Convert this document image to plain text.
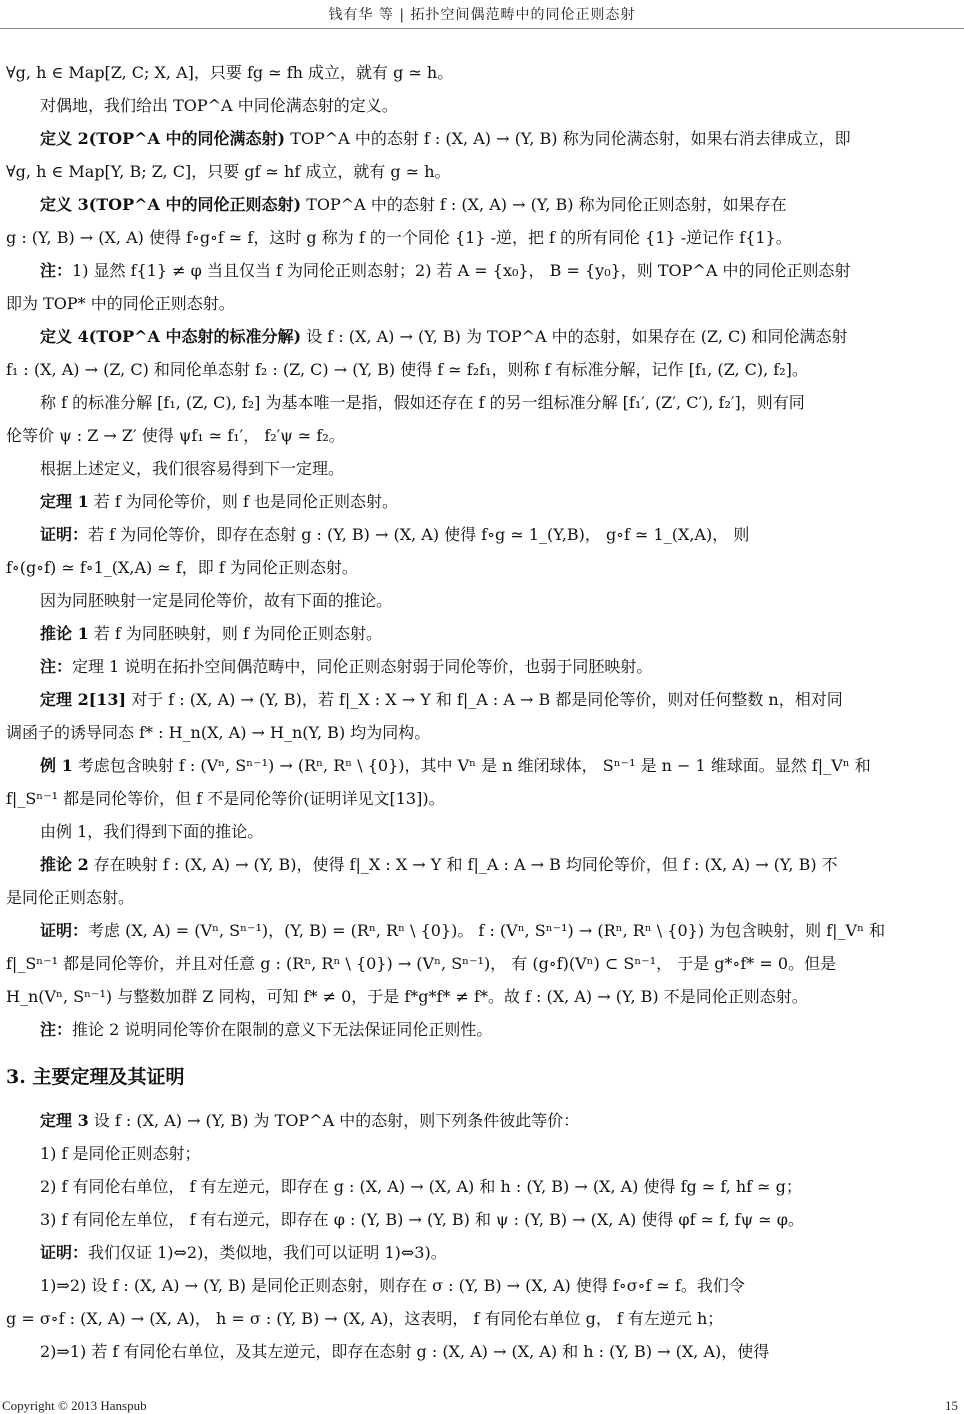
钱有华 等 | 拓扑空间偶范畴中的同伦正则态射

∀g, h ∈ Map[Z, C; X, A]，只要 fg ≃ fh 成立，就有 g ≃ h。

对偶地，我们给出 TOP^A 中同伦满态射的定义。

定义 2(TOP^A 中的同伦满态射) TOP^A 中的态射 f : (X, A) → (Y, B) 称为同伦满态射，如果右消去律成立，即

∀g, h ∈ Map[Y, B; Z, C]，只要 gf ≃ hf 成立，就有 g ≃ h。

定义 3(TOP^A 中的同伦正则态射) TOP^A 中的态射 f : (X, A) → (Y, B) 称为同伦正则态射，如果存在

g : (Y, B) → (X, A) 使得 f∘g∘f ≃ f，这时 g 称为 f 的一个同伦 {1} -逆，把 f 的所有同伦 {1} -逆记作 f{1}。

注：1) 显然 f{1} ≠ φ 当且仅当 f 为同伦正则态射；2) 若 A = {x₀}， B = {y₀}，则 TOP^A 中的同伦正则态射

即为 TOP* 中的同伦正则态射。

定义 4(TOP^A 中态射的标准分解) 设 f : (X, A) → (Y, B) 为 TOP^A 中的态射，如果存在 (Z, C) 和同伦满态射

f₁ : (X, A) → (Z, C) 和同伦单态射 f₂ : (Z, C) → (Y, B) 使得 f ≃ f₂f₁，则称 f 有标准分解，记作 [f₁, (Z, C), f₂]。

称 f 的标准分解 [f₁, (Z, C), f₂] 为基本唯一是指，假如还存在 f 的另一组标准分解 [f₁′, (Z′, C′), f₂′]，则有同

伦等价 ψ : Z → Z′ 使得 ψf₁ ≃ f₁′， f₂′ψ ≃ f₂。

根据上述定义，我们很容易得到下一定理。

定理 1 若 f 为同伦等价，则 f 也是同伦正则态射。

证明：若 f 为同伦等价，即存在态射 g : (Y, B) → (X, A) 使得 f∘g ≃ 1_(Y,B)， g∘f ≃ 1_(X,A)， 则

f∘(g∘f) ≃ f∘1_(X,A) ≃ f，即 f 为同伦正则态射。

因为同胚映射一定是同伦等价，故有下面的推论。

推论 1 若 f 为同胚映射，则 f 为同伦正则态射。

注：定理 1 说明在拓扑空间偶范畴中，同伦正则态射弱于同伦等价，也弱于同胚映射。

定理 2[13] 对于 f : (X, A) → (Y, B)，若 f|_X : X → Y 和 f|_A : A → B 都是同伦等价，则对任何整数 n，相对同

调函子的诱导同态 f* : H_n(X, A) → H_n(Y, B) 均为同构。

例 1 考虑包含映射 f : (Vⁿ, Sⁿ⁻¹) → (Rⁿ, Rⁿ \ {0})，其中 Vⁿ 是 n 维闭球体， Sⁿ⁻¹ 是 n − 1 维球面。显然 f|_Vⁿ 和

f|_Sⁿ⁻¹ 都是同伦等价，但 f 不是同伦等价(证明详见文[13])。

由例 1，我们得到下面的推论。

推论 2 存在映射 f : (X, A) → (Y, B)，使得 f|_X : X → Y 和 f|_A : A → B 均同伦等价，但 f : (X, A) → (Y, B) 不

是同伦正则态射。

证明：考虑 (X, A) = (Vⁿ, Sⁿ⁻¹)，(Y, B) = (Rⁿ, Rⁿ \ {0})。 f : (Vⁿ, Sⁿ⁻¹) → (Rⁿ, Rⁿ \ {0}) 为包含映射，则 f|_Vⁿ 和

f|_Sⁿ⁻¹ 都是同伦等价，并且对任意 g : (Rⁿ, Rⁿ \ {0}) → (Vⁿ, Sⁿ⁻¹)， 有 (g∘f)(Vⁿ) ⊂ Sⁿ⁻¹， 于是 g*∘f* = 0。但是

H_n(Vⁿ, Sⁿ⁻¹) 与整数加群 Z 同构，可知 f* ≠ 0，于是 f*g*f* ≠ f*。故 f : (X, A) → (Y, B) 不是同伦正则态射。

注：推论 2 说明同伦等价在限制的意义下无法保证同伦正则性。

3. 主要定理及其证明

定理 3 设 f : (X, A) → (Y, B) 为 TOP^A 中的态射，则下列条件彼此等价：

1) f 是同伦正则态射；

2) f 有同伦右单位， f 有左逆元，即存在 g : (X, A) → (X, A) 和 h : (Y, B) → (X, A) 使得 fg ≃ f, hf ≃ g；

3) f 有同伦左单位， f 有右逆元，即存在 φ : (Y, B) → (Y, B) 和 ψ : (Y, B) → (X, A) 使得 φf ≃ f, fψ ≃ φ。

证明：我们仅证 1)⇔2)，类似地，我们可以证明 1)⇔3)。

1)⇒2) 设 f : (X, A) → (Y, B) 是同伦正则态射，则存在 σ : (Y, B) → (X, A) 使得 f∘σ∘f ≃ f。我们令

g = σ∘f : (X, A) → (X, A)， h = σ : (Y, B) → (X, A)，这表明， f 有同伦右单位 g， f 有左逆元 h；

2)⇒1) 若 f 有同伦右单位，及其左逆元，即存在态射 g : (X, A) → (X, A) 和 h : (Y, B) → (X, A)，使得

Copyright © 2013 Hanspub	15
